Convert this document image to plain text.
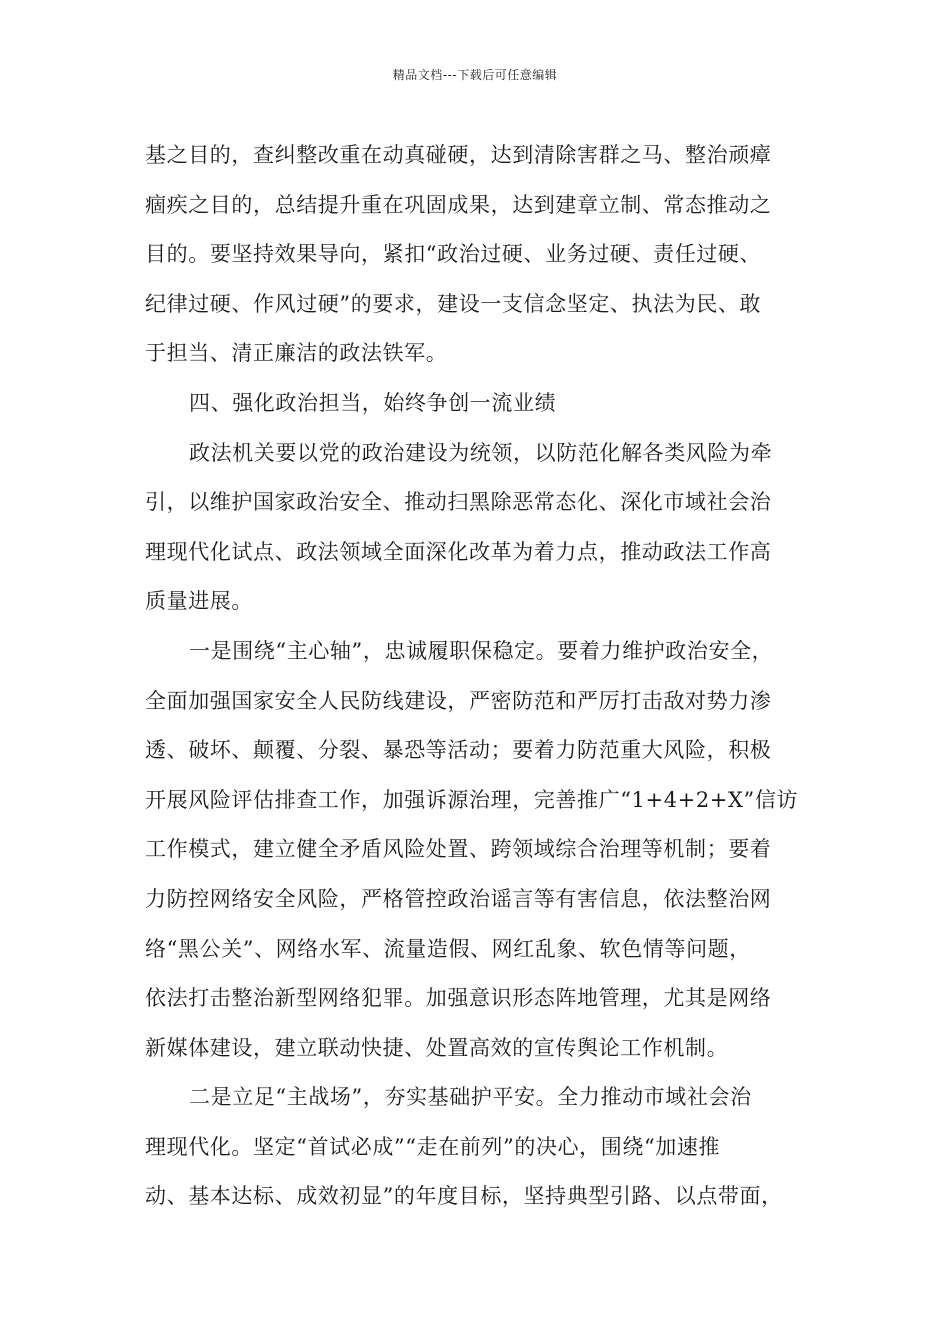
精品文档---下载后可任意编辑
基之目的，查纠整改重在动真碰硬，达到清除害群之马、整治顽瘴
痼疾之目的，总结提升重在巩固成果，达到建章立制、常态推动之
目的。要坚持效果导向，紧扣“政治过硬、业务过硬、责任过硬、
纪律过硬、作风过硬”的要求，建设一支信念坚定、执法为民、敢
于担当、清正廉洁的政法铁军。
四、强化政治担当，始终争创一流业绩
政法机关要以党的政治建设为统领，以防范化解各类风险为牵
引，以维护国家政治安全、推动扫黑除恶常态化、深化市域社会治
理现代化试点、政法领域全面深化改革为着力点，推动政法工作高
质量进展。
一是围绕“主心轴”，忠诚履职保稳定。要着力维护政治安全，
全面加强国家安全人民防线建设，严密防范和严厉打击敌对势力渗
透、破坏、颠覆、分裂、暴恐等活动；要着力防范重大风险，积极
开展风险评估排查工作，加强诉源治理，完善推广“1+4+2+X”信访
工作模式，建立健全矛盾风险处置、跨领域综合治理等机制；要着
力防控网络安全风险，严格管控政治谣言等有害信息，依法整治网
络“黑公关”、网络水军、流量造假、网红乱象、软色情等问题，
依法打击整治新型网络犯罪。加强意识形态阵地管理，尤其是网络
新媒体建设，建立联动快捷、处置高效的宣传舆论工作机制。
二是立足“主战场”，夯实基础护平安。全力推动市域社会治
理现代化。坚定“首试必成”“走在前列”的决心，围绕“加速推
动、基本达标、成效初显”的年度目标，坚持典型引路、以点带面，
